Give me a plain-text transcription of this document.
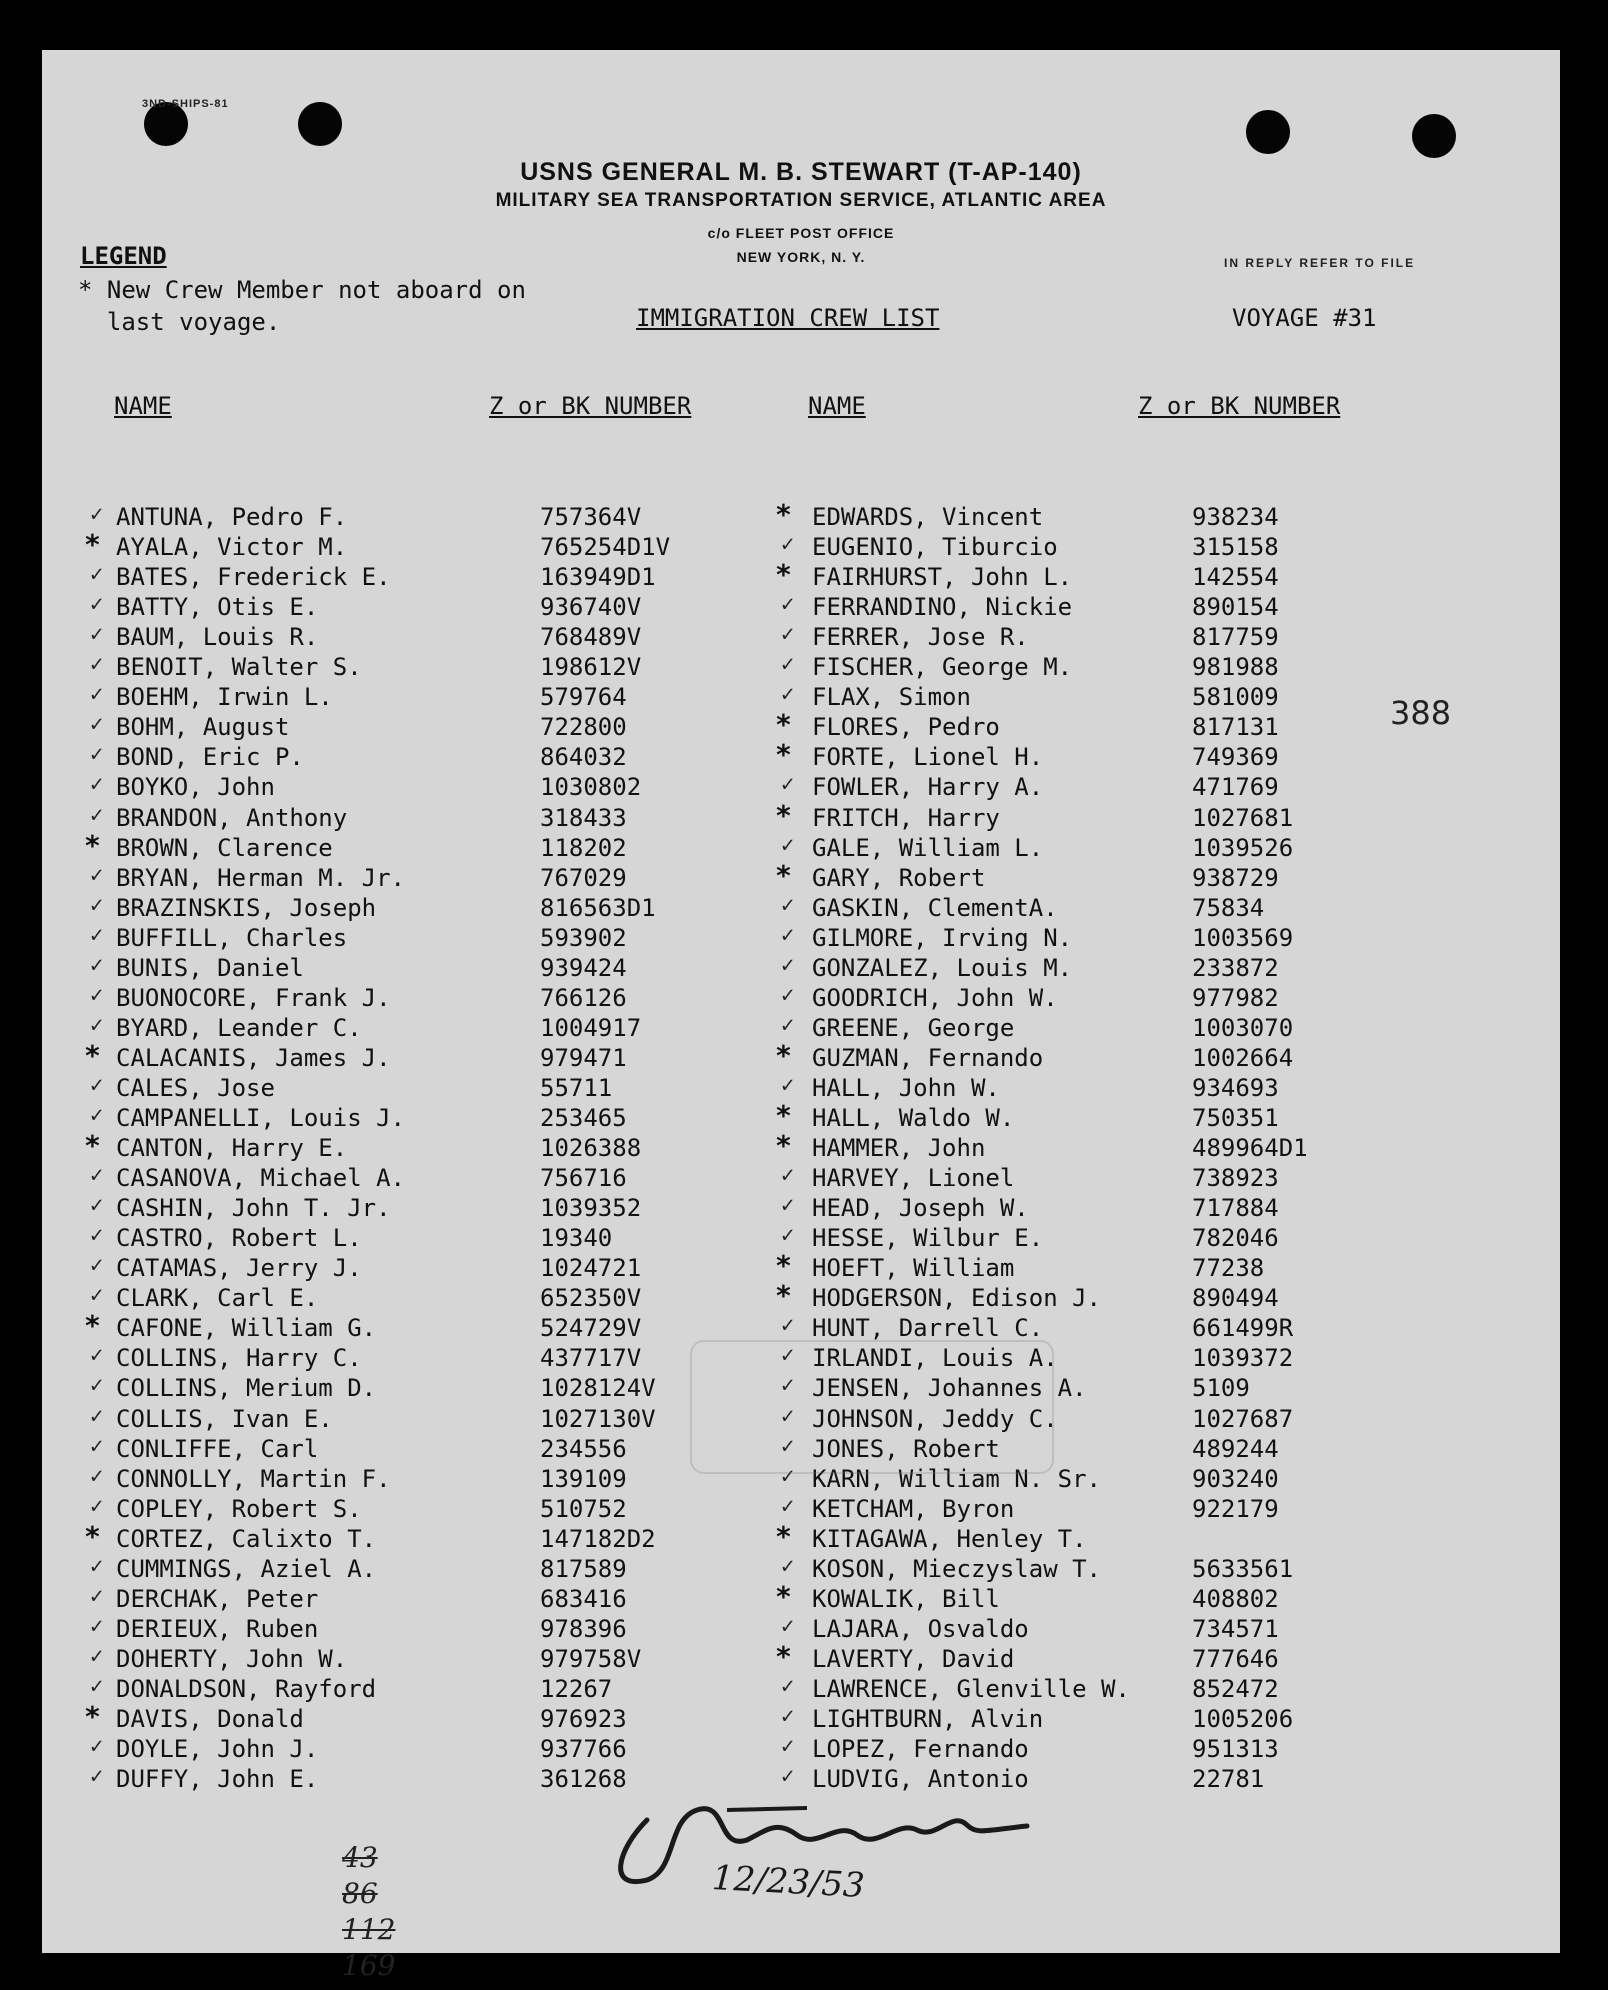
3ND-SHIPS-81
USNS GENERAL M. B. STEWART (T-AP-140)
MILITARY SEA TRANSPORTATION SERVICE, ATLANTIC AREA
c/o FLEET POST OFFICE
NEW YORK, N. Y.	IN REPLY REFER TO FILE
LEGEND
* New Crew Member not aboard on
last voyage.	IMMIGRATION CREW LIST	VOYAGE #31
NAME	Z or BK NUMBER	NAME	Z or BK NUMBER
✓ ANTUNA, Pedro F.	757364V
* AYALA, Victor M.	765254D1V
✓ BATES, Frederick E.	163949D1
✓ BATTY, Otis E.	936740V
✓ BAUM, Louis R.	768489V
✓ BENOIT, Walter S.	198612V
✓ BOEHM, Irwin L.	579764
✓ BOHM, August	722800
✓ BOND, Eric P.	864032
✓ BOYKO, John	1030802
✓ BRANDON, Anthony	318433
* BROWN, Clarence	118202
✓ BRYAN, Herman M. Jr.	767029
✓ BRAZINSKIS, Joseph	816563D1
✓ BUFFILL, Charles	593902
✓ BUNIS, Daniel	939424
✓ BUONOCORE, Frank J.	766126
✓ BYARD, Leander C.	1004917
* CALACANIS, James J.	979471
✓ CALES, Jose	55711
✓ CAMPANELLI, Louis J.	253465
* CANTON, Harry E.	1026388
✓ CASANOVA, Michael A.	756716
✓ CASHIN, John T. Jr.	1039352
✓ CASTRO, Robert L.	19340
✓ CATAMAS, Jerry J.	1024721
✓ CLARK, Carl E.	652350V
* CAFONE, William G.	524729V
✓ COLLINS, Harry C.	437717V
✓ COLLINS, Merium D.	1028124V
✓ COLLIS, Ivan E.	1027130V
✓ CONLIFFE, Carl	234556
✓ CONNOLLY, Martin F.	139109
✓ COPLEY, Robert S.	510752
* CORTEZ, Calixto T.	147182D2
✓ CUMMINGS, Aziel A.	817589
✓ DERCHAK, Peter	683416
✓ DERIEUX, Ruben	978396
✓ DOHERTY, John W.	979758V
✓ DONALDSON, Rayford	12267
* DAVIS, Donald	976923
✓ DOYLE, John J.	937766
✓ DUFFY, John E.	361268
* EDWARDS, Vincent	938234
✓ EUGENIO, Tiburcio	315158
* FAIRHURST, John L.	142554
✓ FERRANDINO, Nickie	890154
✓ FERRER, Jose R.	817759
✓ FISCHER, George M.	981988
✓ FLAX, Simon	581009
* FLORES, Pedro	817131
* FORTE, Lionel H.	749369
✓ FOWLER, Harry A.	471769
* FRITCH, Harry	1027681
✓ GALE, William L.	1039526
* GARY, Robert	938729
✓ GASKIN, ClementA.	75834
✓ GILMORE, Irving N.	1003569
✓ GONZALEZ, Louis M.	233872
✓ GOODRICH, John W.	977982
✓ GREENE, George	1003070
* GUZMAN, Fernando	1002664
✓ HALL, John W.	934693
* HALL, Waldo W.	750351
* HAMMER, John	489964D1
✓ HARVEY, Lionel	738923
✓ HEAD, Joseph W.	717884
✓ HESSE, Wilbur E.	782046
* HOEFT, William	77238
* HODGERSON, Edison J.	890494
✓ HUNT, Darrell C.	661499R
✓ IRLANDI, Louis A.	1039372
✓ JENSEN, Johannes A.	5109
✓ JOHNSON, Jeddy C.	1027687
✓ JONES, Robert	489244
✓ KARN, William N. Sr.	903240
✓ KETCHAM, Byron	922179
* KITAGAWA, Henley T.
✓ KOSON, Mieczyslaw T.	5633561
* KOWALIK, Bill	408802
✓ LAJARA, Osvaldo	734571
* LAVERTY, David	777646
✓ LAWRENCE, Glenville W.	852472
✓ LIGHTBURN, Alvin	1005206
✓ LOPEZ, Fernando	951313
✓ LUDVIG, Antonio	22781
388
12/23/53
43
86
112
169
